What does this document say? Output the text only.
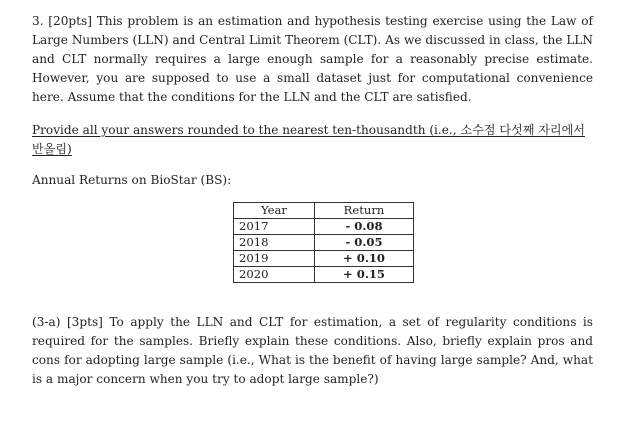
3. [20pts] This problem is an estimation and hypothesis testing exercise using the Law of Large Numbers (LLN) and Central Limit Theorem (CLT). As we discussed in class, the LLN and CLT normally requires a large enough sample for a reasonably precise estimate. However, you are supposed to use a small dataset just for computational convenience here. Assume that the conditions for the LLN and the CLT are satisfied.

Provide all your answers rounded to the nearest ten-thousandth (i.e., 소수점 다섯째 자리에서 반올림)
Annual Returns on BioStar (BS):
Year	Return
2017	- 0.08
2018	- 0.05
2019	+ 0.10
2020	+ 0.15

(3-a) [3pts] To apply the LLN and CLT for estimation, a set of regularity conditions is required for the samples. Briefly explain these conditions. Also, briefly explain pros and cons for adopting large sample (i.e., What is the benefit of having large sample? And, what is a major concern when you try to adopt large sample?)
